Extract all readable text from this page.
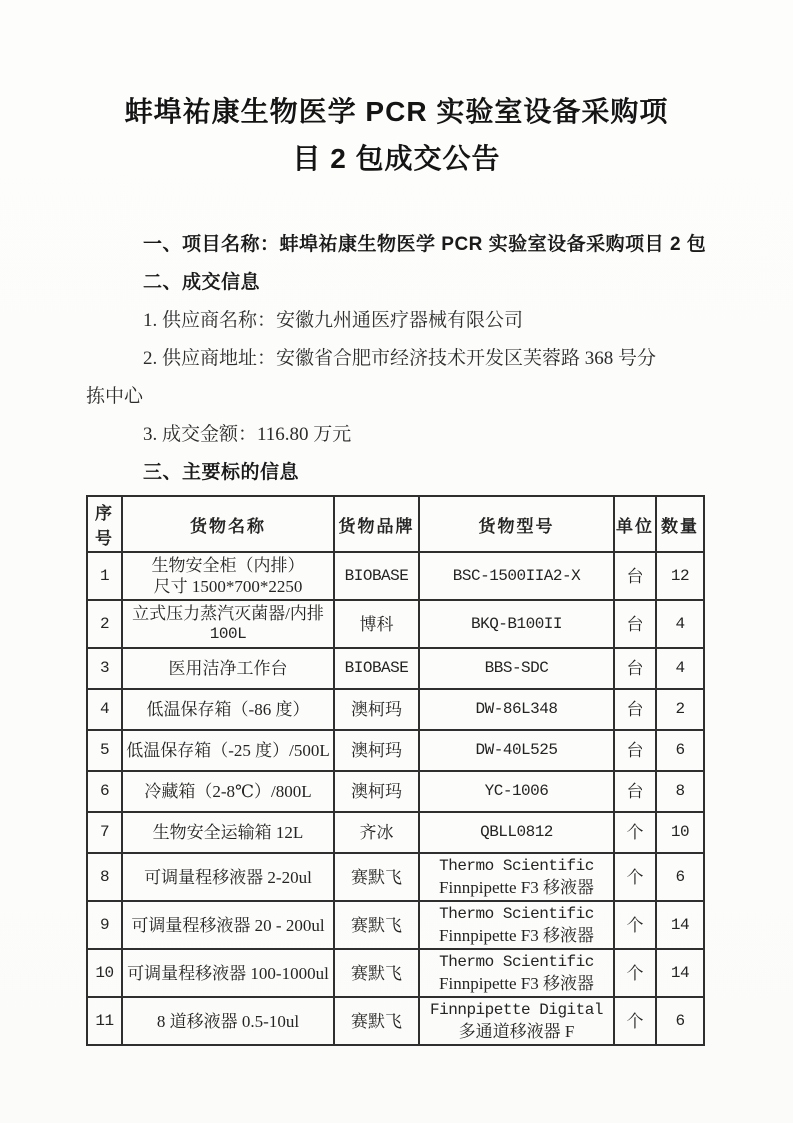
蚌埠祐康生物医学 PCR 实验室设备采购项
目 2 包成交公告

一、项目名称：蚌埠祐康生物医学 PCR 实验室设备采购项目 2 包

二、成交信息

1. 供应商名称：安徽九州通医疗器械有限公司

2. 供应商地址：安徽省合肥市经济技术开发区芙蓉路 368 号分

拣中心

3. 成交金额：116.80 万元

三、主要标的信息

序号	货物名称	货物品牌	货物型号	单位	数量

1	生物安全柜（内排）
尺寸 1500*700*2250	BIOBASE	BSC-1500IIA2-X	台	12

2	立式压力蒸汽灭菌器/内排
100L	博科	BKQ-B100II	台	4

3	医用洁净工作台	BIOBASE	BBS-SDC	台	4

4	低温保存箱（-86 度）	澳柯玛	DW-86L348	台	2

5	低温保存箱（-25 度）/500L	澳柯玛	DW-40L525	台	6

6	冷藏箱（2-8℃）/800L	澳柯玛	YC-1006	台	8

7	生物安全运输箱 12L	齐冰	QBLL0812	个	10

8	可调量程移液器 2-20ul	赛默飞	Thermo Scientific
Finnpipette F3 移液器	个	6

9	可调量程移液器 20 - 200ul	赛默飞	Thermo Scientific
Finnpipette F3 移液器	个	14

10	可调量程移液器 100-1000ul	赛默飞	Thermo Scientific
Finnpipette F3 移液器	个	14

11	8 道移液器 0.5-10ul	赛默飞	Finnpipette Digital
多通道移液器 F	个	6
